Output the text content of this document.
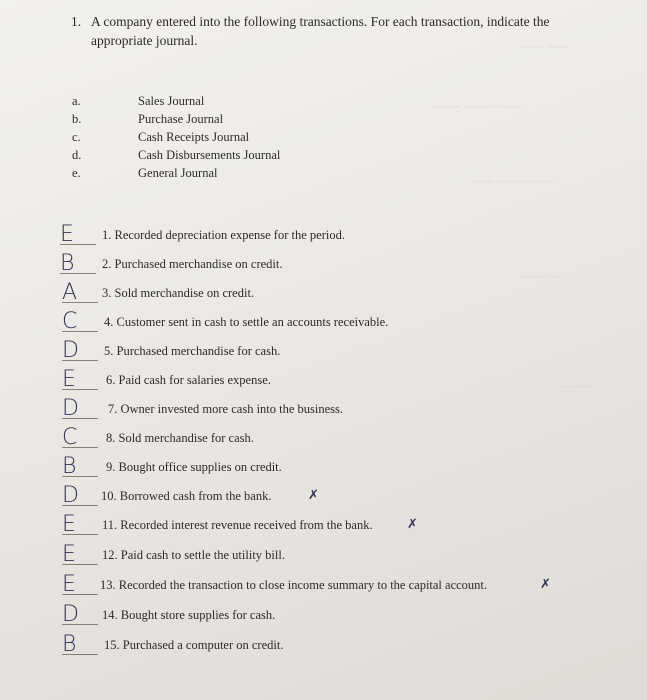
~~~ ~~~
~~~~ ~~~~ ~~~
~~~ ~~~ ~~~~
~~~ ~~
~~~~
1. A company entered into the following transactions. For each transaction, indicate the
appropriate journal.
a.	Sales Journal
b.	Purchase Journal
c.	Cash Receipts Journal
d.	Cash Disbursements Journal
e.	General Journal
E 1. Recorded depreciation expense for the period.
B 2. Purchased merchandise on credit.
A 3. Sold merchandise on credit.
C 4. Customer sent in cash to settle an accounts receivable.
D 5. Purchased merchandise for cash.
E 6. Paid cash for salaries expense.
D 7. Owner invested more cash into the business.
C 8. Sold merchandise for cash.
B 9. Bought office supplies on credit.
D 10. Borrowed cash from the bank.	✗
E 11. Recorded interest revenue received from the bank.	✗
E 12. Paid cash to settle the utility bill.
E 13. Recorded the transaction to close income summary to the capital account.	✗
D 14. Bought store supplies for cash.
B 15. Purchased a computer on credit.
